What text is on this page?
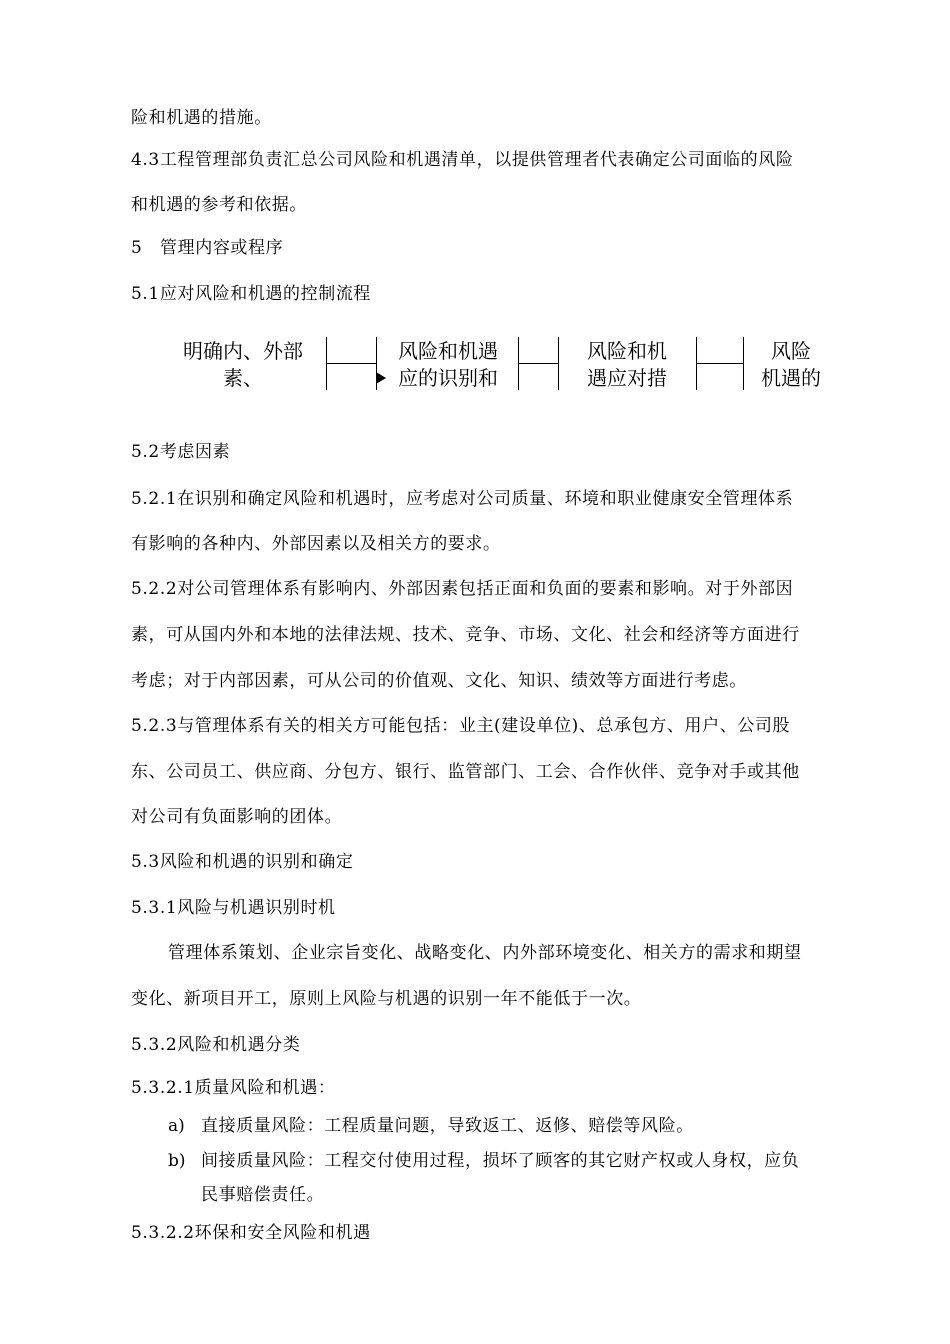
险和机遇的措施。
4.3工程管理部负责汇总公司风险和机遇清单，以提供管理者代表确定公司面临的风险
和机遇的参考和依据。
5　管理内容或程序
5.1应对风险和机遇的控制流程
明确内、外部
素、
风险和机遇
应的识别和
风险和机
遇应对措
风险
机遇的
5.2考虑因素
5.2.1在识别和确定风险和机遇时，应考虑对公司质量、环境和职业健康安全管理体系
有影响的各种内、外部因素以及相关方的要求。
5.2.2对公司管理体系有影响内、外部因素包括正面和负面的要素和影响。对于外部因
素，可从国内外和本地的法律法规、技术、竞争、市场、文化、社会和经济等方面进行
考虑；对于内部因素，可从公司的价值观、文化、知识、绩效等方面进行考虑。
5.2.3与管理体系有关的相关方可能包括：业主(建设单位)、总承包方、用户、公司股
东、公司员工、供应商、分包方、银行、监管部门、工会、合作伙伴、竞争对手或其他
对公司有负面影响的团体。
5.3风险和机遇的识别和确定
5.3.1风险与机遇识别时机
管理体系策划、企业宗旨变化、战略变化、内外部环境变化、相关方的需求和期望
变化、新项目开工，原则上风险与机遇的识别一年不能低于一次。
5.3.2风险和机遇分类
5.3.2.1质量风险和机遇：
a) 直接质量风险：工程质量问题，导致返工、返修、赔偿等风险。
b) 间接质量风险：工程交付使用过程，损坏了顾客的其它财产权或人身权，应负
民事赔偿责任。
5.3.2.2环保和安全风险和机遇
